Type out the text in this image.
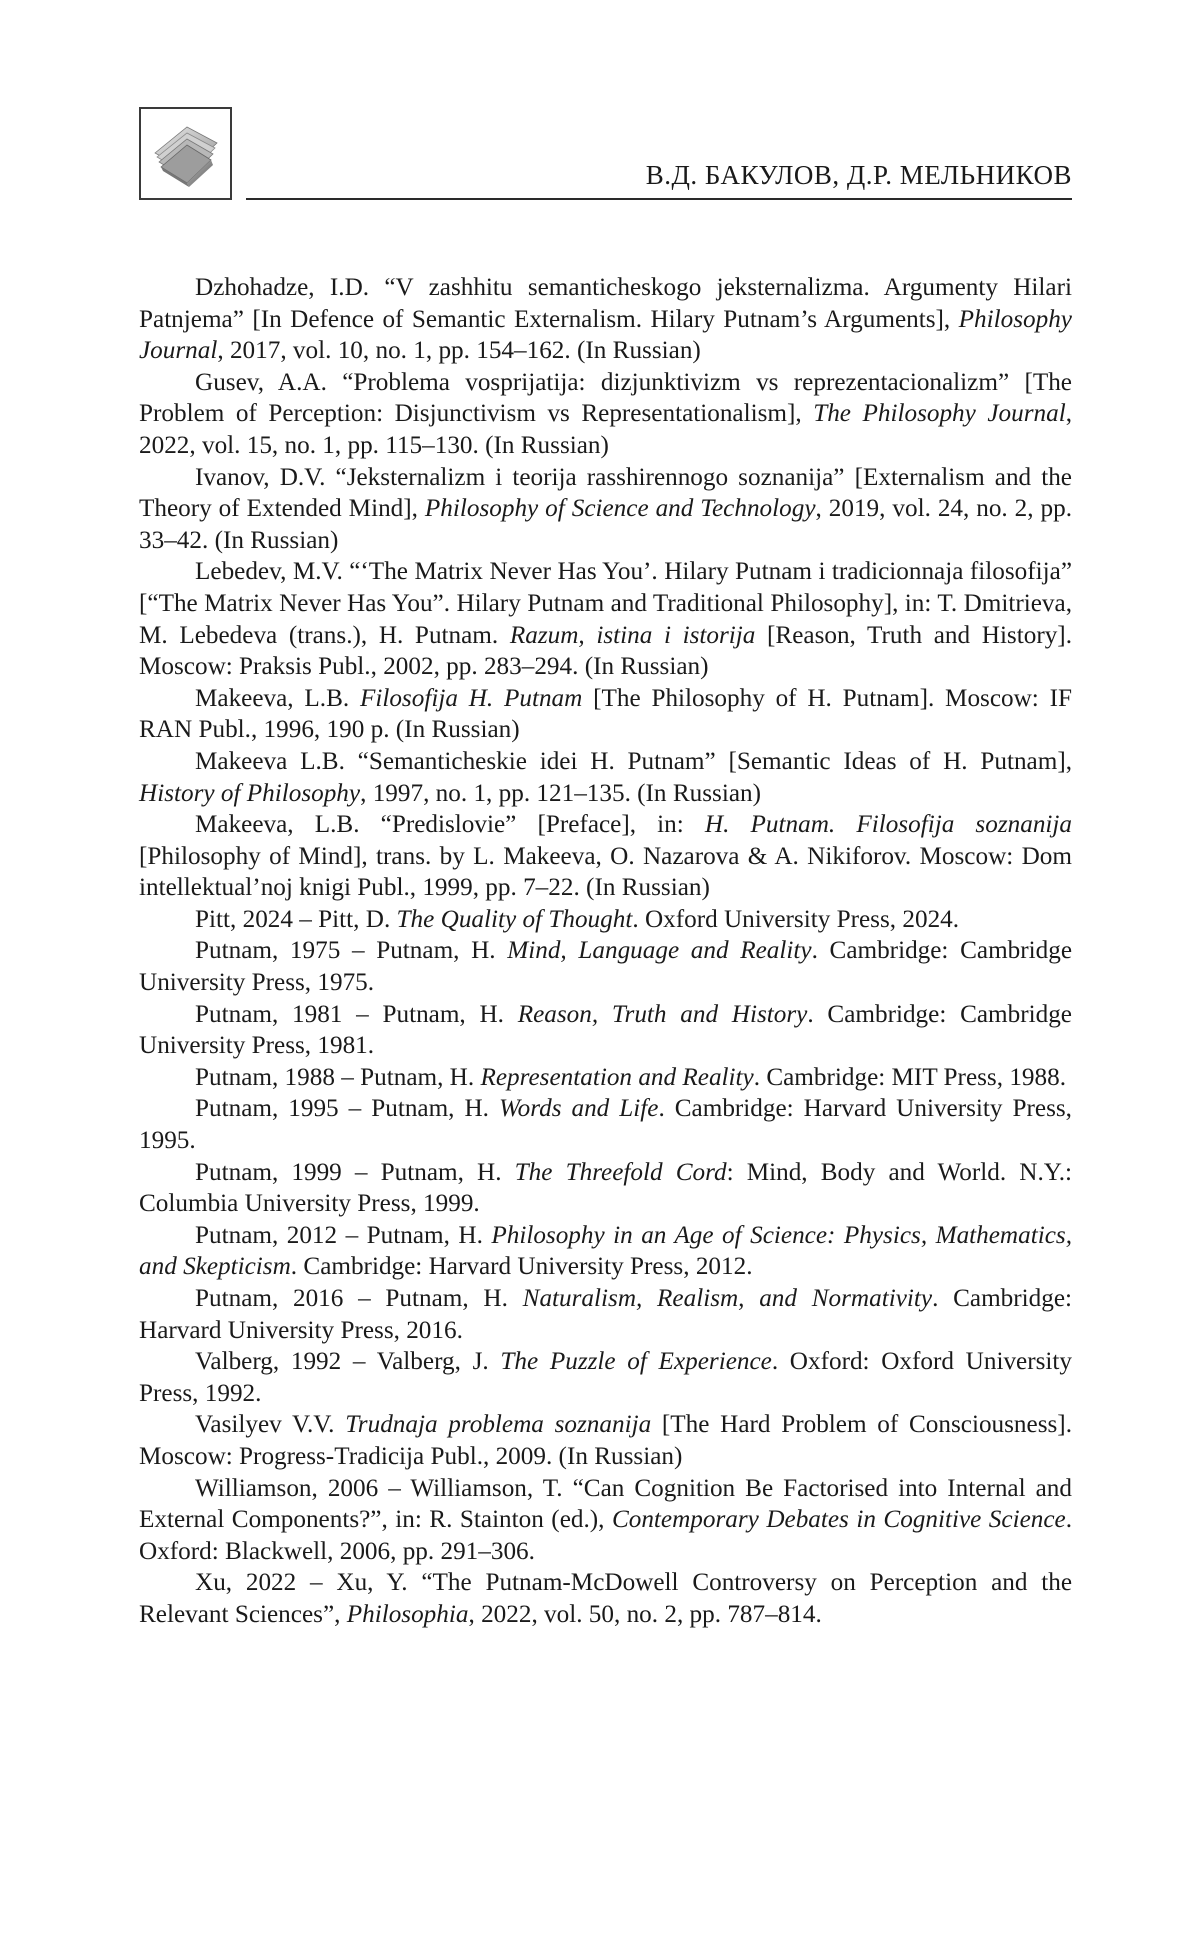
В.Д. БАКУЛОВ, Д.Р. МЕЛЬНИКОВ

Dzhohadze, I.D. “V zashhitu semanticheskogo jeksternalizma. Argumenty Hilari Patnjema” [In Defence of Semantic Externalism. Hilary Putnam’s Arguments], Philosophy Journal, 2017, vol. 10, no. 1, pp. 154–162. (In Russian)

Gusev, A.A. “Problema vosprijatija: dizjunktivizm vs reprezentacionalizm” [The Problem of Perception: Disjunctivism vs Representationalism], The Philosophy Journal, 2022, vol. 15, no. 1, pp. 115–130. (In Russian)

Ivanov, D.V. “Jeksternalizm i teorija rasshirennogo soznanija” [Externalism and the Theory of Extended Mind], Philosophy of Science and Technology, 2019, vol. 24, no. 2, pp. 33–42. (In Russian)

Lebedev, M.V. “‘The Matrix Never Has You’. Hilary Putnam i tradicionnaja filosofija” [“The Matrix Never Has You”. Hilary Putnam and Traditional Philosophy], in: T. Dmitrieva, M. Lebedeva (trans.), H. Putnam. Razum, istina i istorija [Reason, Truth and History]. Moscow: Praksis Publ., 2002, pp. 283–294. (In Russian)

Makeeva, L.B. Filosofija H. Putnam [The Philosophy of H. Putnam]. Moscow: IF RAN Publ., 1996, 190 p. (In Russian)

Makeeva L.B. “Semanticheskie idei H. Putnam” [Semantic Ideas of H. Putnam], History of Philosophy, 1997, no. 1, pp. 121–135. (In Russian)

Makeeva, L.B. “Predislovie” [Preface], in: H. Putnam. Filosofija soznanija [Philosophy of Mind], trans. by L. Makeeva, O. Nazarova & A. Nikiforov. Moscow: Dom intellektual’noj knigi Publ., 1999, pp. 7–22. (In Russian)

Pitt, 2024 – Pitt, D. The Quality of Thought. Oxford University Press, 2024.

Putnam, 1975 – Putnam, H. Mind, Language and Reality. Cambridge: Cambridge University Press, 1975.

Putnam, 1981 – Putnam, H. Reason, Truth and History. Cambridge: Cambridge University Press, 1981.

Putnam, 1988 – Putnam, H. Representation and Reality. Cambridge: MIT Press, 1988.

Putnam, 1995 – Putnam, H. Words and Life. Cambridge: Harvard University Press, 1995.

Putnam, 1999 – Putnam, H. The Threefold Cord: Mind, Body and World. N.Y.: Columbia University Press, 1999.

Putnam, 2012 – Putnam, H. Philosophy in an Age of Science: Physics, Mathematics, and Skepticism. Cambridge: Harvard University Press, 2012.

Putnam, 2016 – Putnam, H. Naturalism, Realism, and Normativity. Cambridge: Harvard University Press, 2016.

Valberg, 1992 – Valberg, J. The Puzzle of Experience. Oxford: Oxford University Press, 1992.

Vasilyev V.V. Trudnaja problema soznanija [The Hard Problem of Consciousness]. Moscow: Progress-Tradicija Publ., 2009. (In Russian)

Williamson, 2006 – Williamson, T. “Can Cognition Be Factorised into Internal and External Components?”, in: R. Stainton (ed.), Contemporary Debates in Cognitive Science. Oxford: Blackwell, 2006, pp. 291–306.

Xu, 2022 – Xu, Y. “The Putnam-McDowell Controversy on Perception and the Relevant Sciences”, Philosophia, 2022, vol. 50, no. 2, pp. 787–814.
